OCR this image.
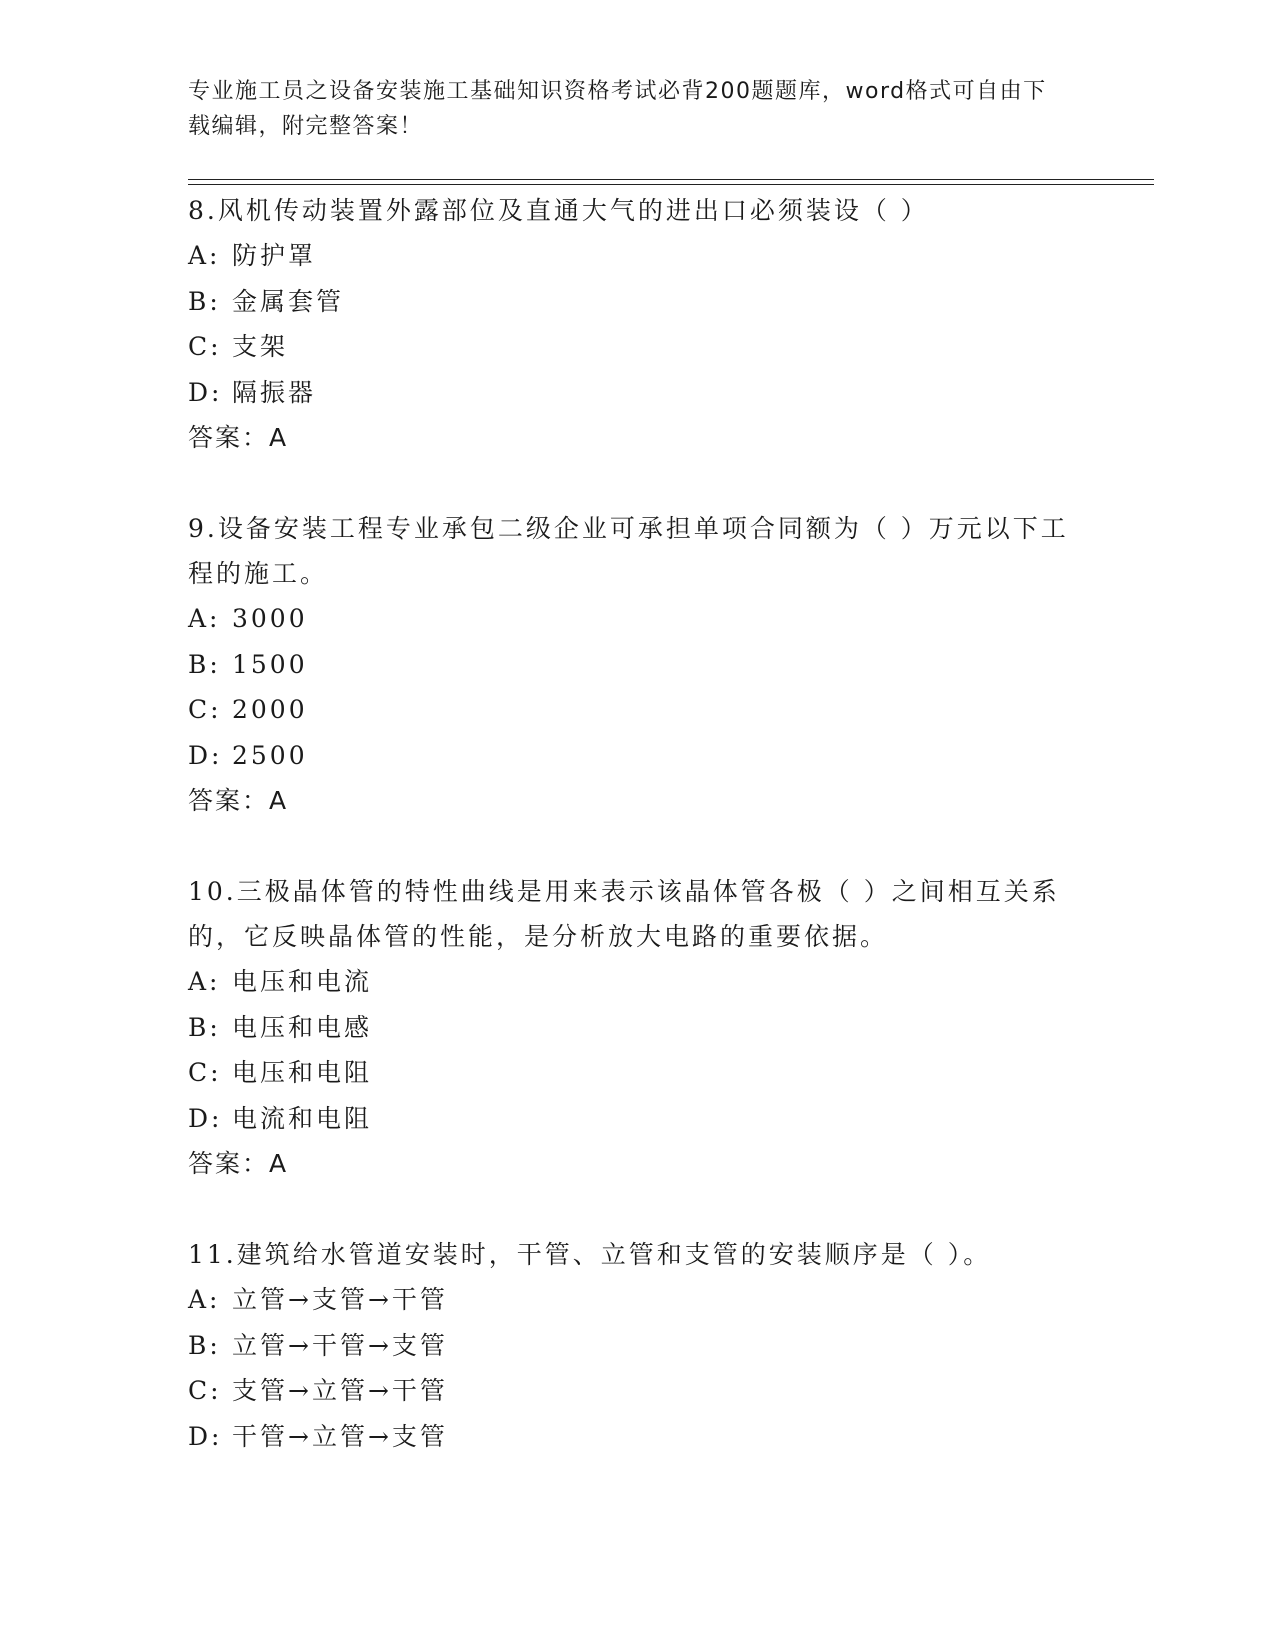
专业施工员之设备安装施工基础知识资格考试必背200题题库，word格式可自由下载编辑，附完整答案！

8.风机传动装置外露部位及直通大气的进出口必须装设（ ）

A: 防护罩

B: 金属套管

C: 支架

D: 隔振器

答案：A

9.设备安装工程专业承包二级企业可承担单项合同额为（ ）万元以下工程的施工。

A: 3000

B: 1500

C: 2000

D: 2500

答案：A

10.三极晶体管的特性曲线是用来表示该晶体管各极（ ）之间相互关系的，它反映晶体管的性能，是分析放大电路的重要依据。

A: 电压和电流

B: 电压和电感

C: 电压和电阻

D: 电流和电阻

答案：A

11.建筑给水管道安装时，干管、立管和支管的安装顺序是（ ）。

A: 立管→支管→干管

B: 立管→干管→支管

C: 支管→立管→干管

D: 干管→立管→支管
